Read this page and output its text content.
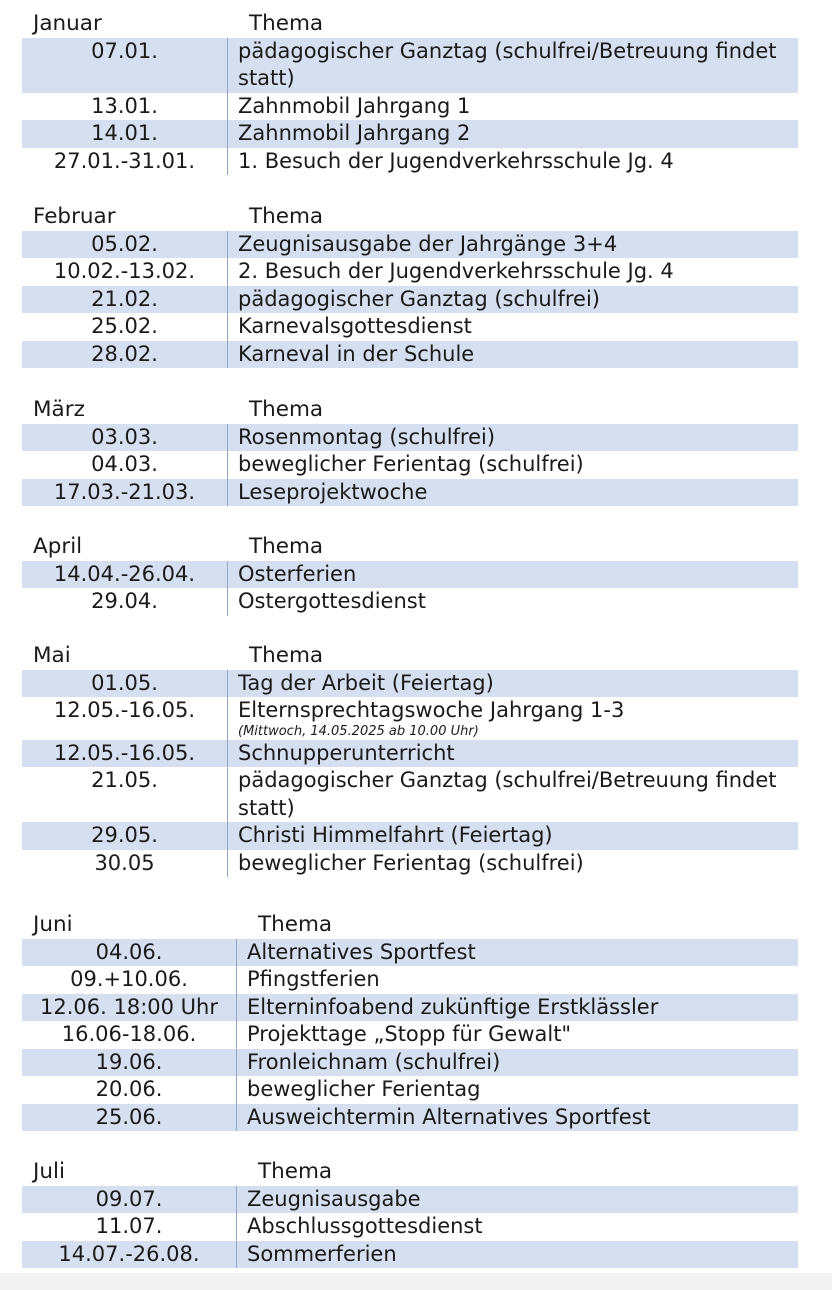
Januar	Thema
07.01.	pädagogischer Ganztag (schulfrei/Betreuung findet statt)
13.01.	Zahnmobil Jahrgang 1
14.01.	Zahnmobil Jahrgang 2
27.01.-31.01.	1. Besuch der Jugendverkehrsschule Jg. 4
Februar	Thema
05.02.	Zeugnisausgabe der Jahrgänge 3+4
10.02.-13.02.	2. Besuch der Jugendverkehrsschule Jg. 4
21.02.	pädagogischer Ganztag (schulfrei)
25.02.	Karnevalsgottesdienst
28.02.	Karneval in der Schule
März	Thema
03.03.	Rosenmontag (schulfrei)
04.03.	beweglicher Ferientag (schulfrei)
17.03.-21.03.	Leseprojektwoche
April	Thema
14.04.-26.04.	Osterferien
29.04.	Ostergottesdienst
Mai	Thema
01.05.	Tag der Arbeit (Feiertag)
12.05.-16.05.	Elternsprechtagswoche Jahrgang 1-3
(Mittwoch, 14.05.2025 ab 10.00 Uhr)
12.05.-16.05.	Schnupperunterricht
21.05.	pädagogischer Ganztag (schulfrei/Betreuung findet statt)
29.05.	Christi Himmelfahrt (Feiertag)
30.05	beweglicher Ferientag (schulfrei)
Juni	Thema
04.06.	Alternatives Sportfest
09.+10.06.	Pfingstferien
12.06. 18:00 Uhr	Elterninfoabend zukünftige Erstklässler
16.06-18.06.	Projekttage „Stopp für Gewalt"
19.06.	Fronleichnam (schulfrei)
20.06.	beweglicher Ferientag
25.06.	Ausweichtermin Alternatives Sportfest
Juli	Thema
09.07.	Zeugnisausgabe
11.07.	Abschlussgottesdienst
14.07.-26.08.	Sommerferien
